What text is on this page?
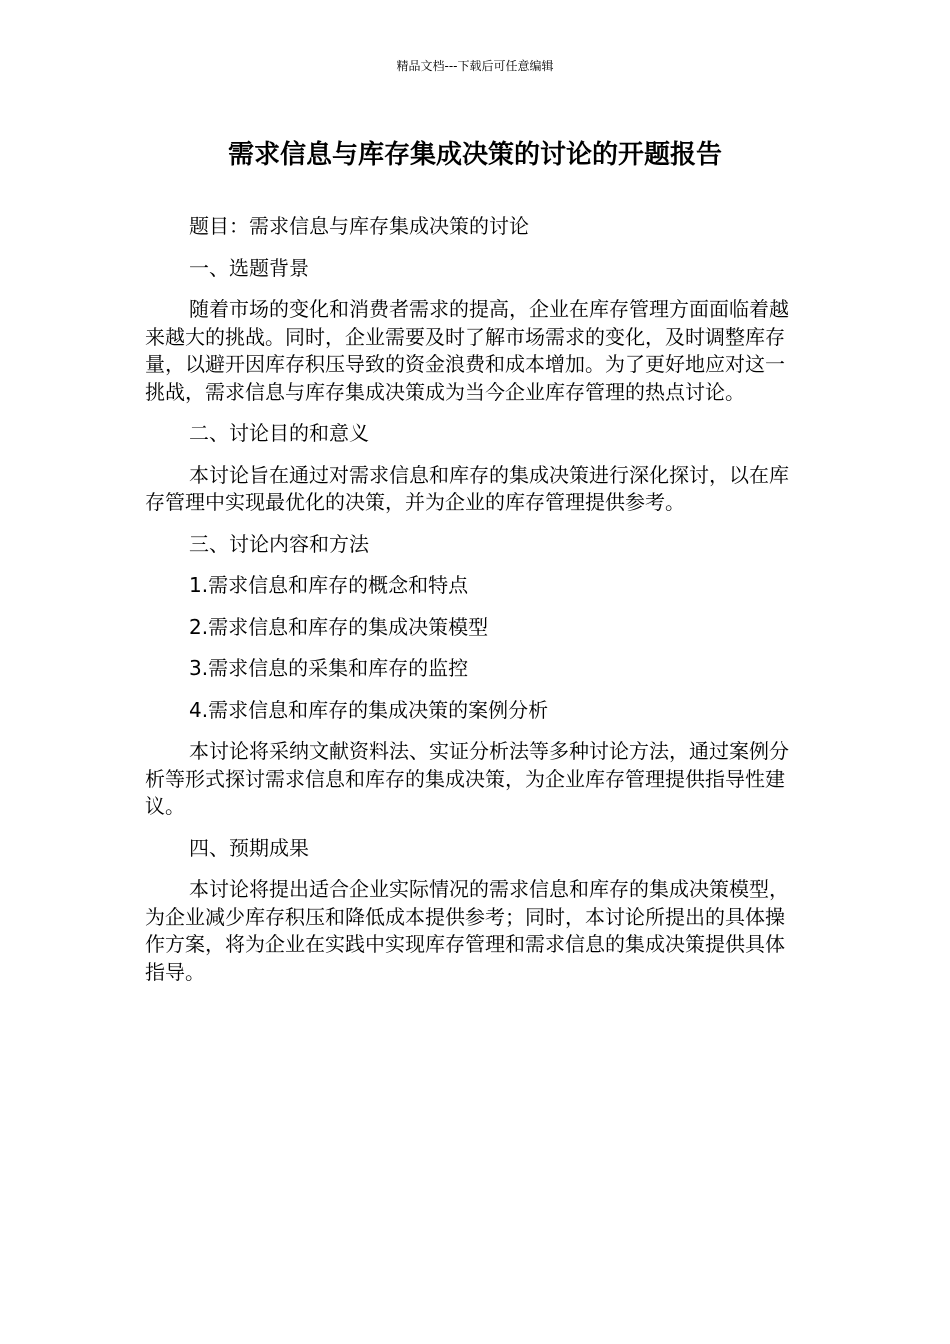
精品文档---下载后可任意编辑
需求信息与库存集成决策的讨论的开题报告

题目：需求信息与库存集成决策的讨论

一、选题背景

随着市场的变化和消费者需求的提高，企业在库存管理方面面临着越来越大的挑战。同时，企业需要及时了解市场需求的变化，及时调整库存量，以避开因库存积压导致的资金浪费和成本增加。为了更好地应对这一挑战，需求信息与库存集成决策成为当今企业库存管理的热点讨论。

二、讨论目的和意义

本讨论旨在通过对需求信息和库存的集成决策进行深化探讨，以在库存管理中实现最优化的决策，并为企业的库存管理提供参考。

三、讨论内容和方法

1.需求信息和库存的概念和特点

2.需求信息和库存的集成决策模型

3.需求信息的采集和库存的监控

4.需求信息和库存的集成决策的案例分析

本讨论将采纳文献资料法、实证分析法等多种讨论方法，通过案例分析等形式探讨需求信息和库存的集成决策，为企业库存管理提供指导性建议。

四、预期成果

本讨论将提出适合企业实际情况的需求信息和库存的集成决策模型，为企业减少库存积压和降低成本提供参考；同时，本讨论所提出的具体操作方案，将为企业在实践中实现库存管理和需求信息的集成决策提供具体指导。
